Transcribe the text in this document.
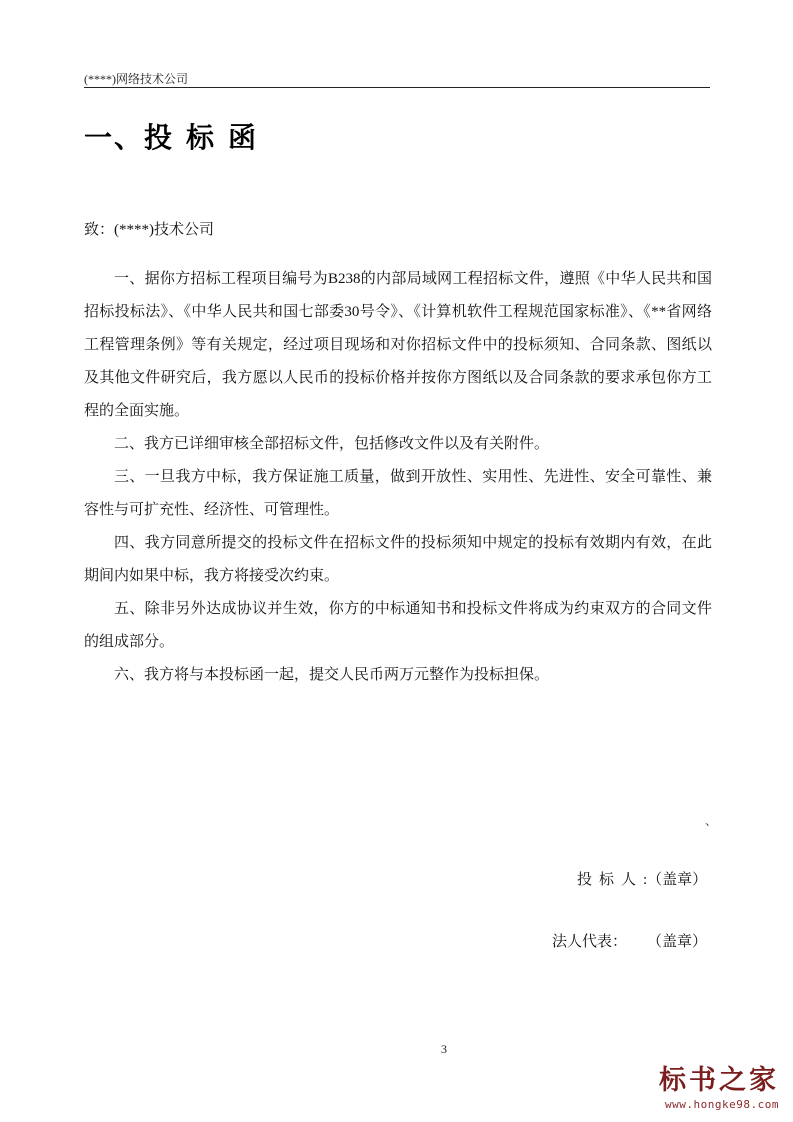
(****)网络技术公司
一、投标函
致：(****)技术公司

一、据你方招标工程项目编号为B238的内部局域网工程招标文件，遵照《中华人民共和国招标投标法》、《中华人民共和国七部委30号令》、《计算机软件工程规范国家标准》、《**省网络工程管理条例》等有关规定，经过项目现场和对你招标文件中的投标须知、合同条款、图纸以及其他文件研究后，我方愿以人民币的投标价格并按你方图纸以及合同条款的要求承包你方工程的全面实施。

二、我方已详细审核全部招标文件，包括修改文件以及有关附件。

三、一旦我方中标，我方保证施工质量，做到开放性、实用性、先进性、安全可靠性、兼容性与可扩充性、经济性、可管理性。

四、我方同意所提交的投标文件在招标文件的投标须知中规定的投标有效期内有效，在此期间内如果中标，我方将接受次约束。

五、除非另外达成协议并生效，你方的中标通知书和投标文件将成为约束双方的合同文件的组成部分。

六、我方将与本投标函一起，提交人民币两万元整作为投标担保。

、
投标人:（盖章）
法人代表： （盖章）
3
标书之家
www.hongke98.com
